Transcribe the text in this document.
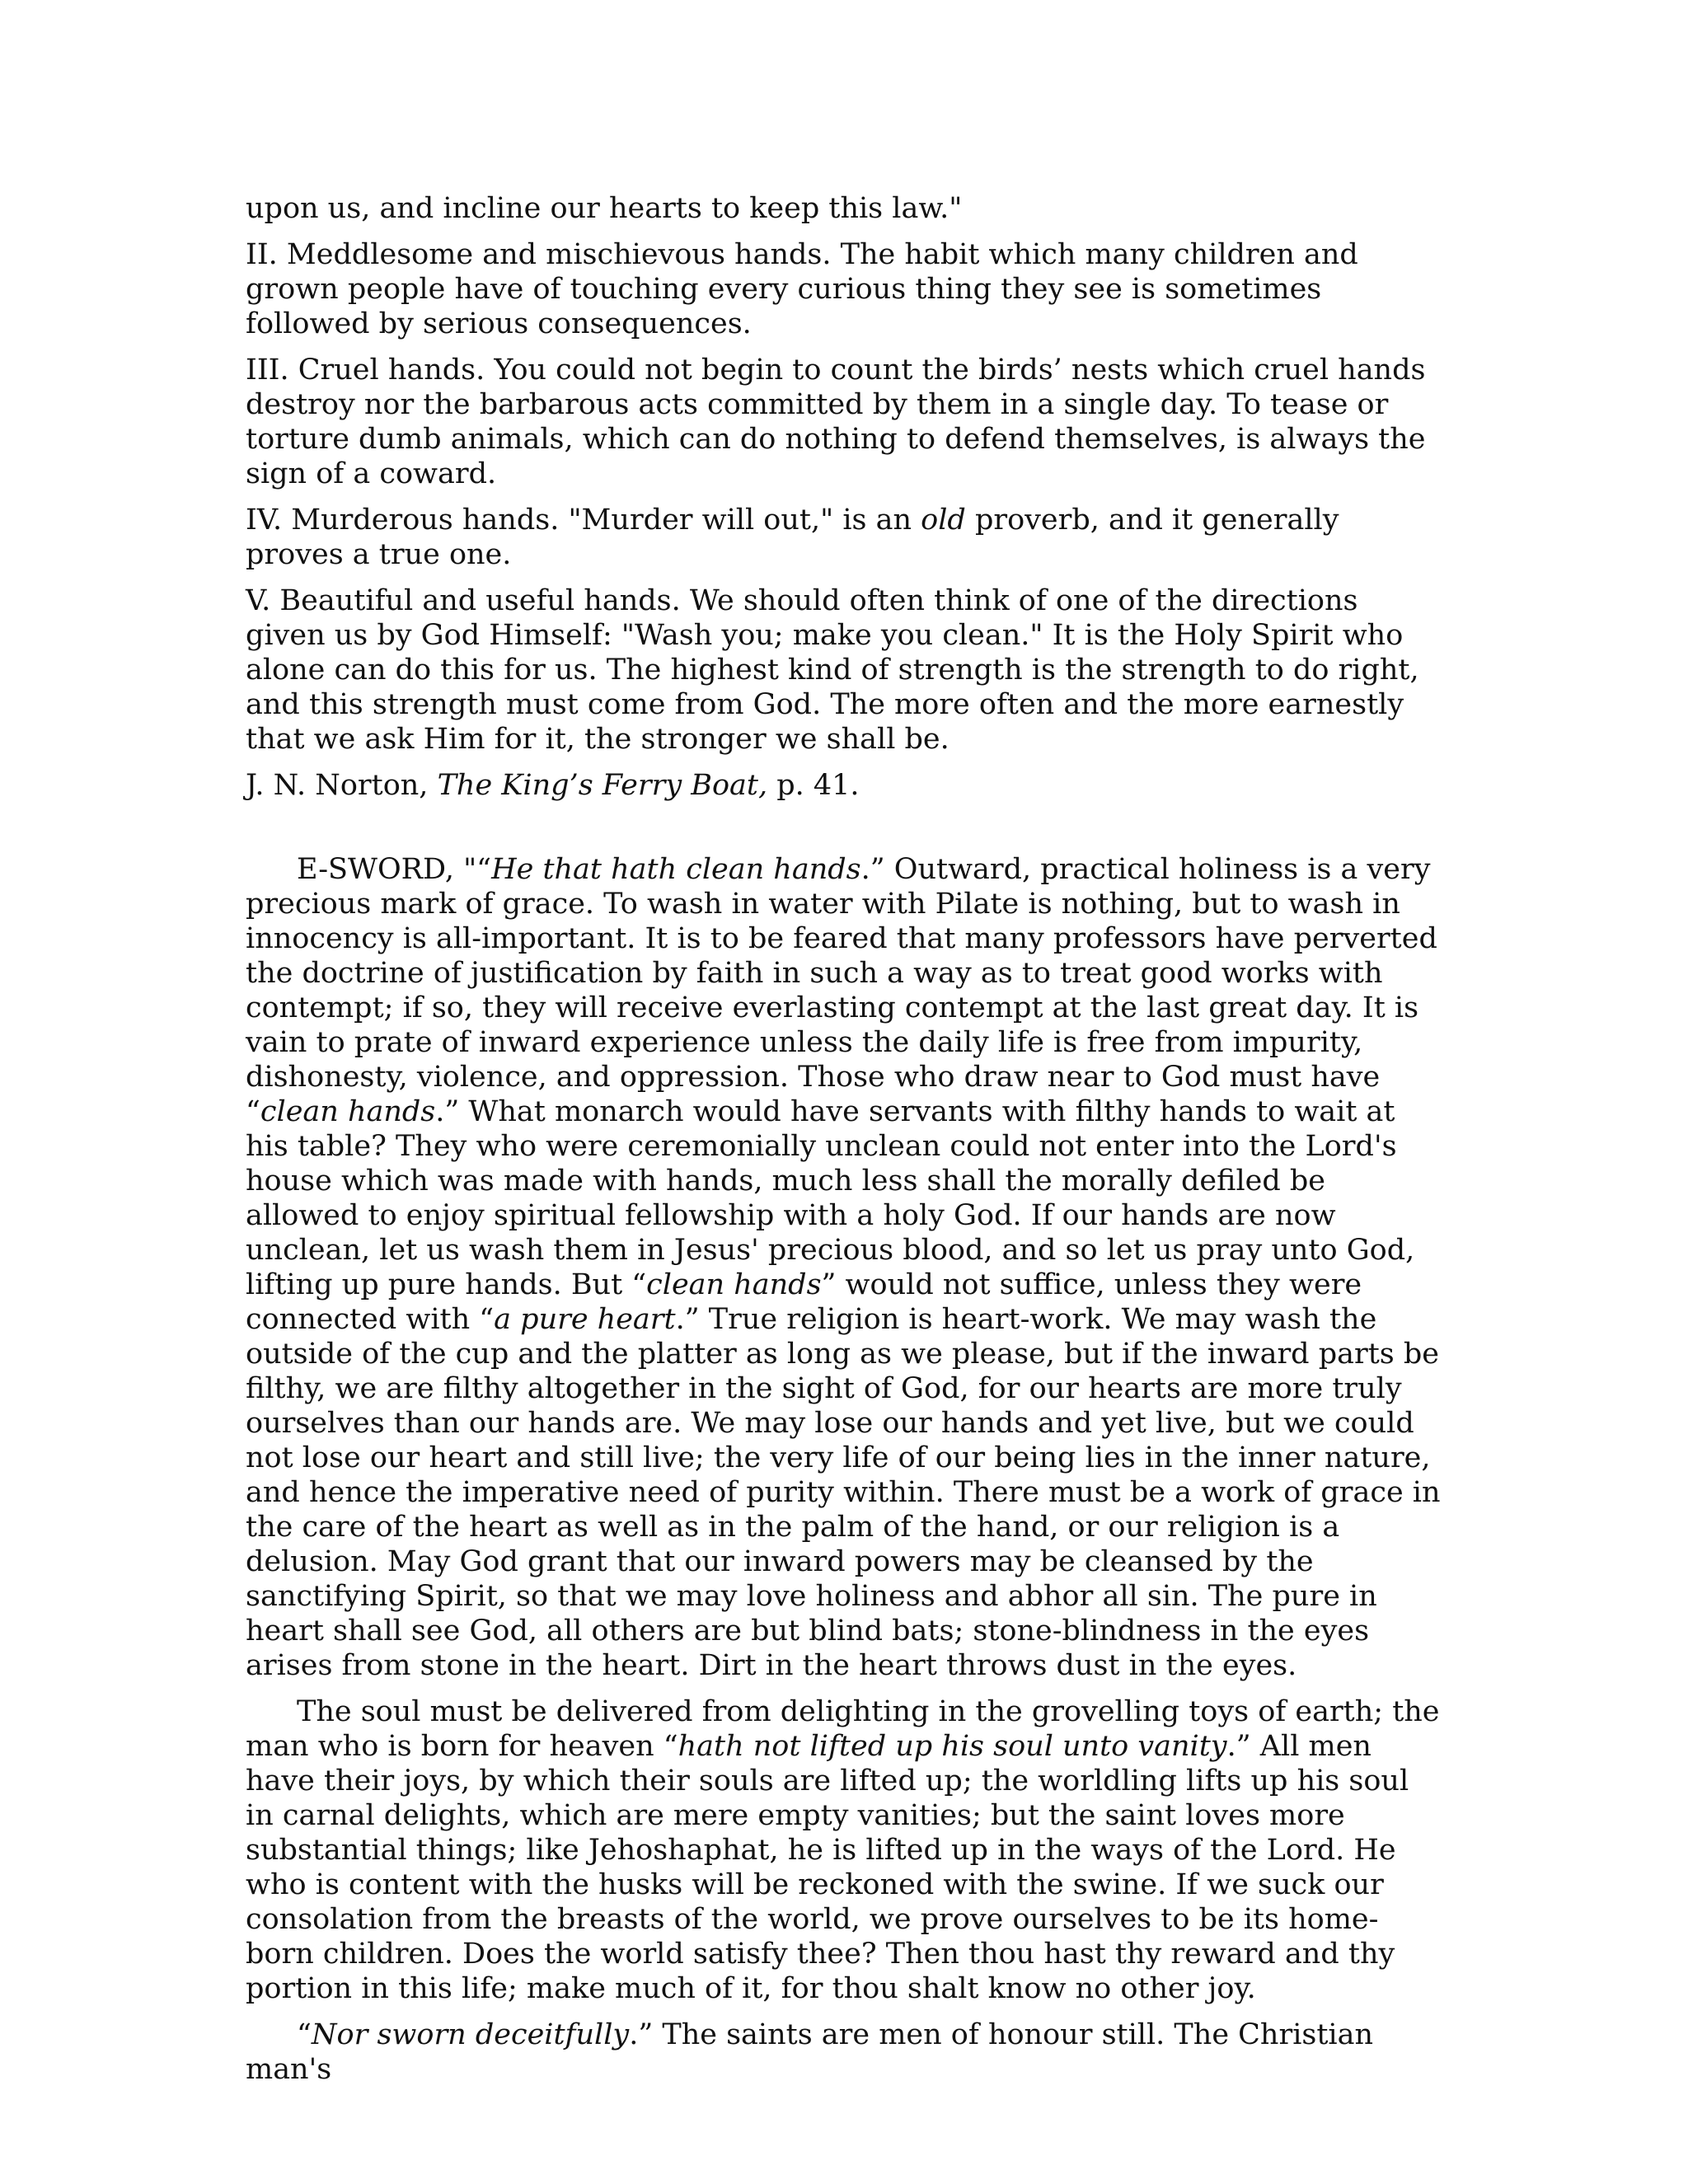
upon us, and incline our hearts to keep this law."

II. Meddlesome and mischievous hands. The habit which many children and grown people have of touching every curious thing they see is sometimes followed by serious consequences.

III. Cruel hands. You could not begin to count the birds’ nests which cruel hands destroy nor the barbarous acts committed by them in a single day. To tease or torture dumb animals, which can do nothing to defend themselves, is always the sign of a coward.

IV. Murderous hands. "Murder will out," is an old proverb, and it generally proves a true one.

V. Beautiful and useful hands. We should often think of one of the directions given us by God Himself: "Wash you; make you clean." It is the Holy Spirit who alone can do this for us. The highest kind of strength is the strength to do right, and this strength must come from God. The more often and the more earnestly that we ask Him for it, the stronger we shall be.

J. N. Norton, The King’s Ferry Boat, p. 41.

E-SWORD, "“He that hath clean hands.” Outward, practical holiness is a very precious mark of grace. To wash in water with Pilate is nothing, but to wash in innocency is all-important. It is to be feared that many professors have perverted the doctrine of justification by faith in such a way as to treat good works with contempt; if so, they will receive everlasting contempt at the last great day. It is vain to prate of inward experience unless the daily life is free from impurity, dishonesty, violence, and oppression. Those who draw near to God must have “clean hands.” What monarch would have servants with filthy hands to wait at his table? They who were ceremonially unclean could not enter into the Lord's house which was made with hands, much less shall the morally defiled be allowed to enjoy spiritual fellowship with a holy God. If our hands are now unclean, let us wash them in Jesus' precious blood, and so let us pray unto God, lifting up pure hands. But “clean hands” would not suffice, unless they were connected with “a pure heart.” True religion is heart-work. We may wash the outside of the cup and the platter as long as we please, but if the inward parts be filthy, we are filthy altogether in the sight of God, for our hearts are more truly ourselves than our hands are. We may lose our hands and yet live, but we could not lose our heart and still live; the very life of our being lies in the inner nature, and hence the imperative need of purity within. There must be a work of grace in the care of the heart as well as in the palm of the hand, or our religion is a delusion. May God grant that our inward powers may be cleansed by the sanctifying Spirit, so that we may love holiness and abhor all sin. The pure in heart shall see God, all others are but blind bats; stone-blindness in the eyes arises from stone in the heart. Dirt in the heart throws dust in the eyes.

The soul must be delivered from delighting in the grovelling toys of earth; the man who is born for heaven “hath not lifted up his soul unto vanity.” All men have their joys, by which their souls are lifted up; the worldling lifts up his soul in carnal delights, which are mere empty vanities; but the saint loves more substantial things; like Jehoshaphat, he is lifted up in the ways of the Lord. He who is content with the husks will be reckoned with the swine. If we suck our consolation from the breasts of the world, we prove ourselves to be its home-born children. Does the world satisfy thee? Then thou hast thy reward and thy portion in this life; make much of it, for thou shalt know no other joy.

“Nor sworn deceitfully.” The saints are men of honour still. The Christian man's
